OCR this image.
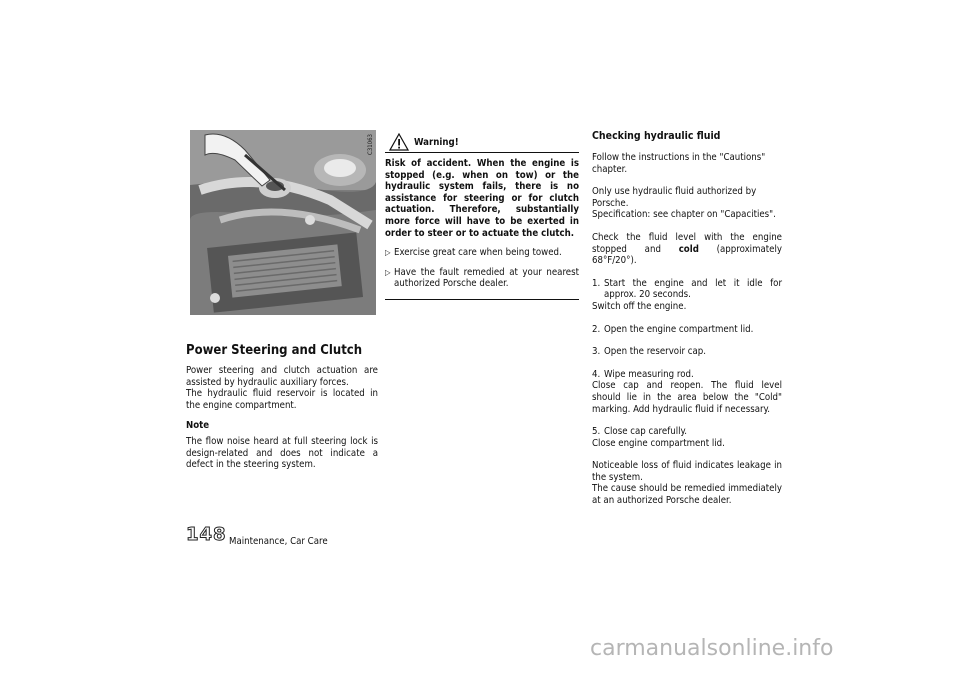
C31063
Power Steering and Clutch

Power steering and clutch actuation are assisted by hydraulic auxiliary forces.

The hydraulic fluid reservoir is located in the engine compartment.

Note

The flow noise heard at full steering lock is design-related and does not indicate a defect in the steering system.

Warning!

Risk of accident. When the engine is stopped (e.g. when on tow) or the hydraulic system fails, there is no assistance for steering or for clutch actuation. Therefore, substantially more force will have to be exerted in order to steer or to actuate the clutch.

▷ Exercise great care when being towed.
▷ Have the fault remedied at your nearest authorized Porsche dealer.
Checking hydraulic fluid

Follow the instructions in the "Cautions" chapter.

Only use hydraulic fluid authorized by Porsche.

Specification: see chapter on "Capacities".

Check the fluid level with the engine stopped and cold (approximately 68°F/20°).

1. Start the engine and let it idle for approx. 20 seconds.
Switch off the engine.
2. Open the engine compartment lid.
3. Open the reservoir cap.
4. Wipe measuring rod.
Close cap and reopen. The fluid level should lie in the area below the "Cold" marking. Add hydraulic fluid if necessary.
5. Close cap carefully.
Close engine compartment lid.

Noticeable loss of fluid indicates leakage in the system.

The cause should be remedied immediately at an authorized Porsche dealer.

148 Maintenance, Car Care
carmanualsonline.info
